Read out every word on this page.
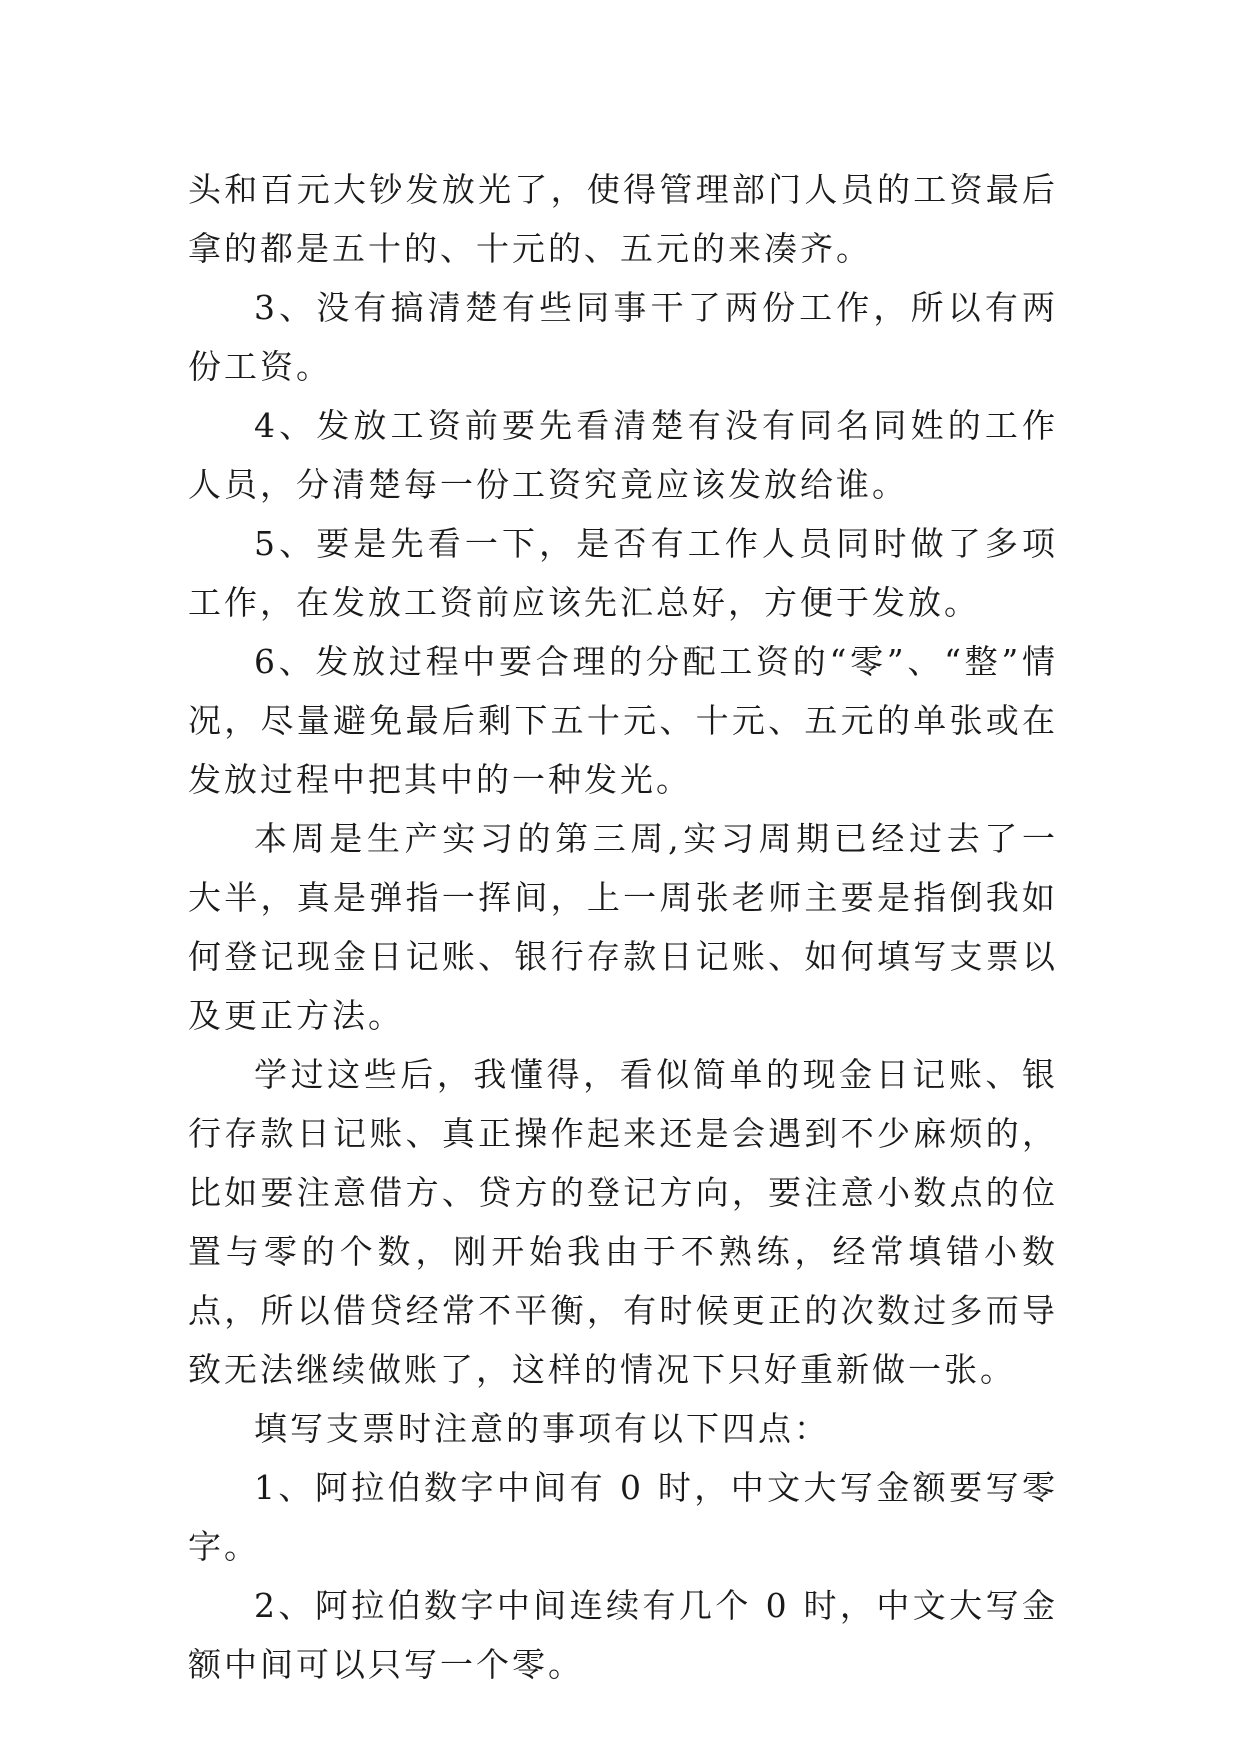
头和百元大钞发放光了，使得管理部门人员的工资最后拿的都是五十的、十元的、五元的来凑齐。

3、没有搞清楚有些同事干了两份工作，所以有两份工资。

4、发放工资前要先看清楚有没有同名同姓的工作人员，分清楚每一份工资究竟应该发放给谁。

5、要是先看一下，是否有工作人员同时做了多项工作，在发放工资前应该先汇总好，方便于发放。

6、发放过程中要合理的分配工资的“零”、“整”情况，尽量避免最后剩下五十元、十元、五元的单张或在发放过程中把其中的一种发光。

本周是生产实习的第三周,实习周期已经过去了一大半，真是弹指一挥间，上一周张老师主要是指倒我如何登记现金日记账、银行存款日记账、如何填写支票以及更正方法。

学过这些后，我懂得，看似简单的现金日记账、银行存款日记账、真正操作起来还是会遇到不少麻烦的，比如要注意借方、贷方的登记方向，要注意小数点的位置与零的个数，刚开始我由于不熟练，经常填错小数点，所以借贷经常不平衡，有时候更正的次数过多而导致无法继续做账了，这样的情况下只好重新做一张。

填写支票时注意的事项有以下四点：

1、阿拉伯数字中间有 0 时，中文大写金额要写零字。

2、阿拉伯数字中间连续有几个 0 时，中文大写金额中间可以只写一个零。
